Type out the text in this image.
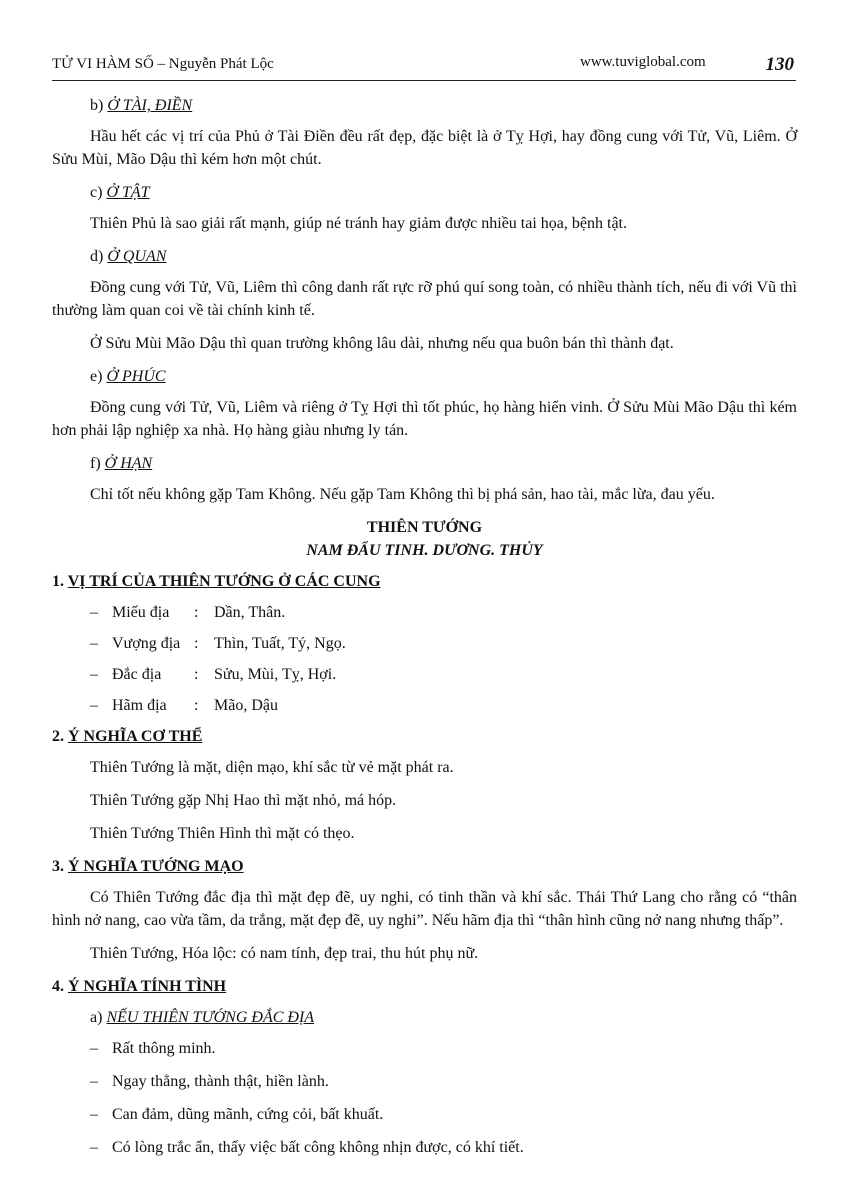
TỬ VI HÀM SỐ – Nguyễn Phát Lộc	www.tuviglobal.com	130

b) Ở TÀI, ĐIỀN

Hầu hết các vị trí của Phủ ở Tài Điền đều rất đẹp, đặc biệt là ở Tỵ Hợi, hay đồng cung với Tử, Vũ, Liêm. Ở Sửu Mùi, Mão Dậu thì kém hơn một chút.

c) Ở TẬT

Thiên Phủ là sao giải rất mạnh, giúp né tránh hay giảm được nhiều tai họa, bệnh tật.

d) Ở QUAN

Đồng cung với Tử, Vũ, Liêm thì công danh rất rực rỡ phú quí song toàn, có nhiều thành tích, nếu đi với Vũ thì thường làm quan coi về tài chính kinh tế.

Ở Sửu Mùi Mão Dậu thì quan trường không lâu dài, nhưng nếu qua buôn bán thì thành đạt.

e) Ở PHÚC

Đồng cung với Tử, Vũ, Liêm và riêng ở Tỵ Hợi thì tốt phúc, họ hàng hiển vinh. Ở Sửu Mùi Mão Dậu thì kém hơn phải lập nghiệp xa nhà. Họ hàng giàu nhưng ly tán.

f) Ở HẠN

Chỉ tốt nếu không gặp Tam Không. Nếu gặp Tam Không thì bị phá sản, hao tài, mắc lừa, đau yếu.

THIÊN TƯỚNG

NAM ĐẨU TINH. DƯƠNG. THỦY

1. VỊ TRÍ CỦA THIÊN TƯỚNG Ở CÁC CUNG

– Miếu địa : Dần, Thân.
– Vượng địa : Thìn, Tuất, Tý, Ngọ.
– Đắc địa : Sửu, Mùi, Tỵ, Hợi.
– Hãm địa : Mão, Dậu

2. Ý NGHĨA CƠ THỂ

Thiên Tướng là mặt, diện mạo, khí sắc từ vẻ mặt phát ra.

Thiên Tướng gặp Nhị Hao thì mặt nhỏ, má hóp.

Thiên Tướng Thiên Hình thì mặt có thẹo.

3. Ý NGHĨA TƯỚNG MẠO

Có Thiên Tướng đắc địa thì mặt đẹp đẽ, uy nghi, có tinh thần và khí sắc. Thái Thứ Lang cho rằng có “thân hình nở nang, cao vừa tầm, da trắng, mặt đẹp đẽ, uy nghi”. Nếu hãm địa thì “thân hình cũng nở nang nhưng thấp”.

Thiên Tướng, Hóa lộc: có nam tính, đẹp trai, thu hút phụ nữ.

4. Ý NGHĨA TÍNH TÌNH

a) NẾU THIÊN TƯỚNG ĐẮC ĐỊA

– Rất thông minh.

– Ngay thẳng, thành thật, hiền lành.

– Can đảm, dũng mãnh, cứng cỏi, bất khuất.

– Có lòng trắc ẩn, thấy việc bất công không nhịn được, có khí tiết.
